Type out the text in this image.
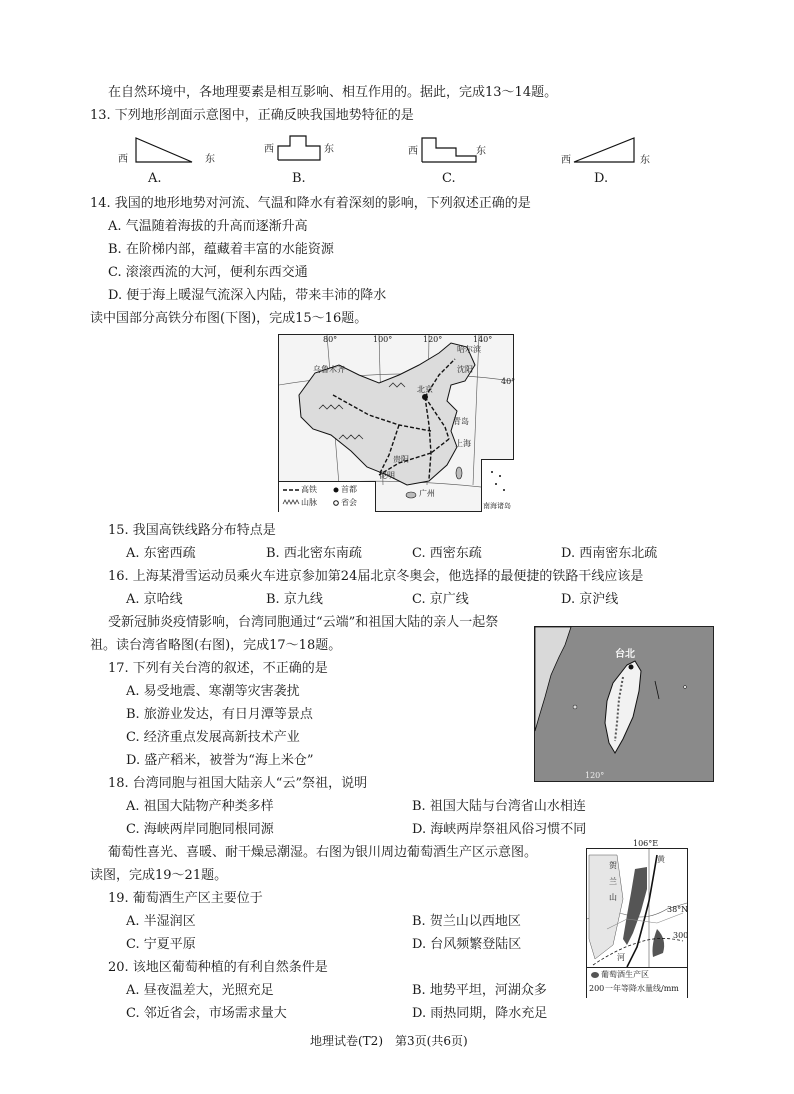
在自然环境中，各地理要素是相互影响、相互作用的。据此，完成13～14题。
13. 下列地形剖面示意图中，正确反映我国地势特征的是
西	东
西	东	西	东
西	东
A.	B.	C.	D.
14. 我国的地形地势对河流、气温和降水有着深刻的影响，下列叙述正确的是
A. 气温随着海拔的升高而逐渐升高
B. 在阶梯内部，蕴藏着丰富的水能资源
C. 滚滚西流的大河，便利东西交通
D. 便于海上暖湿气流深入内陆，带来丰沛的降水
读中国部分高铁分布图(下图)，完成15～16题。
80°	100°	120°	140°
40°
乌鲁木齐
北京
青岛
上海
贵阳
昆明
广州
哈尔滨
沈阳
高铁	首都
山脉	省会	南海诸岛
15. 我国高铁线路分布特点是
A. 东密西疏	B. 西北密东南疏	C. 西密东疏	D. 西南密东北疏
16. 上海某滑雪运动员乘火车进京参加第24届北京冬奥会，他选择的最便捷的铁路干线应该是
A. 京哈线	B. 京九线	C. 京广线	D. 京沪线
受新冠肺炎疫情影响，台湾同胞通过“云端”和祖国大陆的亲人一起祭
祖。读台湾省略图(右图)，完成17～18题。
17. 下列有关台湾的叙述，不正确的是
A. 易受地震、寒潮等灾害袭扰
B. 旅游业发达，有日月潭等景点
C. 经济重点发展高新技术产业
D. 盛产稻米，被誉为“海上米仓”
台北
120°
18. 台湾同胞与祖国大陆亲人“云”祭祖，说明
A. 祖国大陆物产种类多样	B. 祖国大陆与台湾省山水相连
C. 海峡两岸同胞同根同源	D. 海峡两岸祭祖风俗习惯不同
葡萄性喜光、喜暖、耐干燥忌潮湿。右图为银川周边葡萄酒生产区示意图。
读图，完成19～21题。
19. 葡萄酒生产区主要位于
A. 半湿润区	B. 贺兰山以西地区
C. 宁夏平原	D. 台风频繁登陆区
20. 该地区葡萄种植的有利自然条件是
A. 昼夜温差大，光照充足	B. 地势平坦，河湖众多
C. 邻近省会，市场需求量大	D. 雨热同期，降水充足
106°E
38°N
贺
兰
山
黄
河
300
葡萄酒生产区
200 一年等降水量线/mm
地理试卷(T2)　第3页(共6页)
